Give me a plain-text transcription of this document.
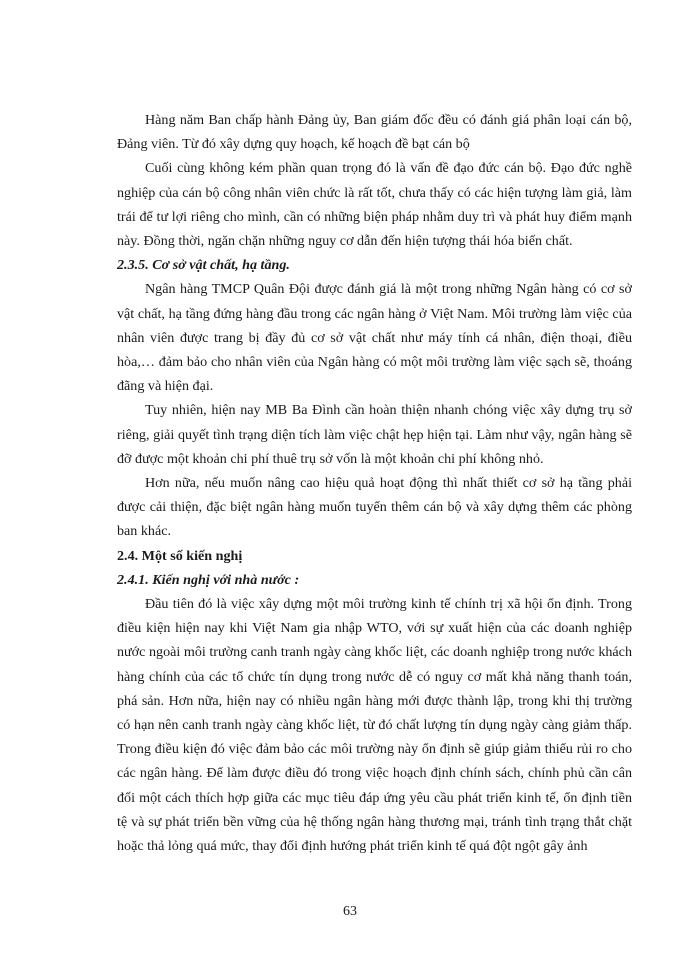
Hàng năm Ban chấp hành Đảng ủy, Ban giám đốc đều có đánh giá phân loại cán bộ, Đảng viên. Từ đó xây dựng quy hoạch, kế hoạch đề bạt cán bộ

Cuối cùng không kém phần quan trọng đó là vấn đề đạo đức cán bộ. Đạo đức nghề nghiệp của cán bộ công nhân viên chức là rất tốt, chưa thấy có các hiện tượng làm giả, làm trái để tư lợi riêng cho mình, cần có những biện pháp nhằm duy trì và phát huy điểm mạnh này. Đồng thời, ngăn chặn những nguy cơ dẫn đến hiện tượng thái hóa biến chất.

2.3.5. Cơ sở vật chất, hạ tầng.

Ngân hàng TMCP Quân Đội được đánh giá là một trong những Ngân hàng có cơ sở vật chất, hạ tầng đứng hàng đầu trong các ngân hàng ở Việt Nam. Môi trường làm việc của nhân viên được trang bị đầy đủ cơ sở vật chất như máy tính cá nhân, điện thoại, điều hòa,… đảm bảo cho nhân viên của Ngân hàng có một môi trường làm việc sạch sẽ, thoáng đãng và hiện đại.

Tuy nhiên, hiện nay MB Ba Đình cần hoàn thiện nhanh chóng việc xây dựng trụ sở riêng, giải quyết tình trạng diện tích làm việc chật hẹp hiện tại. Làm như vậy, ngân hàng sẽ đỡ được một khoản chi phí thuê trụ sở vốn là một khoản chi phí không nhỏ.

Hơn nữa, nếu muốn nâng cao hiệu quả hoạt động thì nhất thiết cơ sở hạ tầng phải được cải thiện, đặc biệt ngân hàng muốn tuyển thêm cán bộ và xây dựng thêm các phòng ban khác.

2.4. Một số kiến nghị

2.4.1. Kiến nghị với nhà nước :

Đầu tiên đó là việc xây dựng một môi trường kinh tế chính trị xã hội ổn định. Trong điều kiện hiện nay khi Việt Nam gia nhập WTO, với sự xuất hiện của các doanh nghiệp nước ngoài môi trường canh tranh ngày càng khốc liệt, các doanh nghiệp trong nước khách hàng chính của các tổ chức tín dụng trong nước dễ có nguy cơ mất khả năng thanh toán, phá sản. Hơn nữa, hiện nay có nhiều ngân hàng mới được thành lập, trong khi thị trường có hạn nên canh tranh ngày càng khốc liệt, từ đó chất lượng tín dụng ngày càng giảm thấp. Trong điều kiện đó việc đảm bảo các môi trường này ổn định sẽ giúp giảm thiểu rủi ro cho các ngân hàng. Để làm được điều đó trong việc hoạch định chính sách, chính phủ cần cân đối một cách thích hợp giữa các mục tiêu đáp ứng yêu cầu phát triển kinh tế, ổn định tiền tệ và sự phát triển bền vững của hệ thống ngân hàng thương mại, tránh tình trạng thắt chặt hoặc thả lỏng quá mức, thay đổi định hướng phát triển kinh tế quá đột ngột gây ảnh

63
